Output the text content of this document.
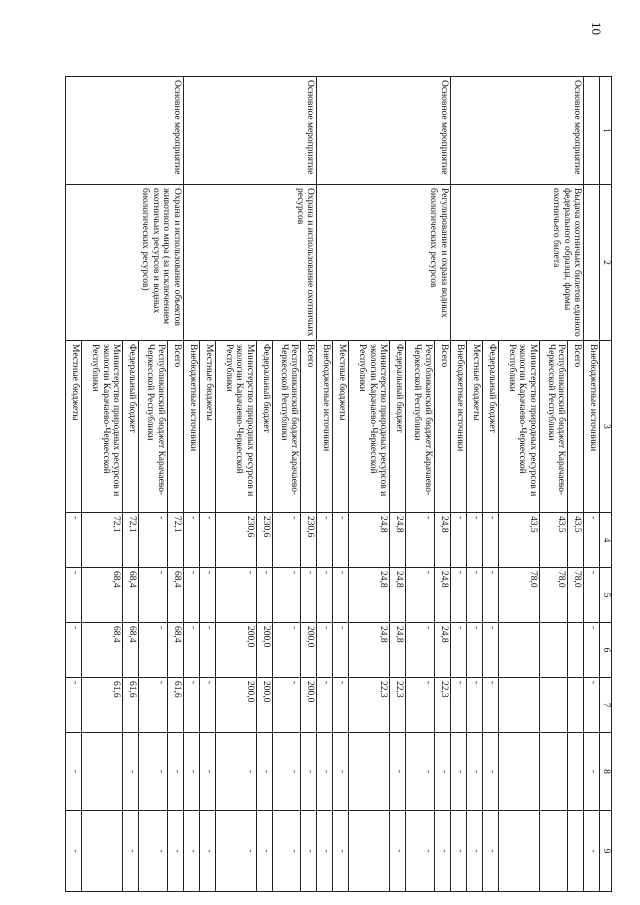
10
1	2	3	4	5	6	7	8	9
		Внебюджетные источники	-	-	-	-	-	-
Основное мероприятие	Выдача охотничьих билетов единого федерального образца, формы охотничьего билета	Всего	43,5	78,0				
		Республиканский бюджет Карачаево-Черкесской Республики	43,5	78,0				
		Министерство природных ресурсов и экологии Карачаево-Черкесской Республики	43,5	78,0				
		Федеральный бюджет	-	-	-	-	-	-
		Местные бюджеты	-	-	-	-	-	-
		Внебюджетные источники	-	-	-	-	-	-
Основное мероприятие	Регулирование и охрана водных биологических ресурсов	Всего	24,8	24,8	24,8	22,3	-	-
		Республиканский бюджет Карачаево-Черкесской Республики	-	-	-	-	-	-
		Федеральный бюджет	24,8	24,8	24,8	22,3	-	-
		Министерство природных ресурсов и экологии Карачаево-Черкесской Республики	24,8	24,8	24,8	22,3		
		Местные бюджеты	-	-	-	-	-	-
		Внебюджетные источники	-	-	-	-	-	-
Основное мероприятие	Охрана и использование охотничьих ресурсов	Всего	230,6	-	200,0	200,0	-	-
		Республиканский бюджет Карачаево-Черкесской Республики	-	-	-	-	-	-
		Федеральный бюджет	230,6	-	200,0	200,0	-	-
		Министерство природных ресурсов и экологии Карачаево-Черкесской Республики	230,6	-	200,0	200,0	-	-
		Местные бюджеты	-	-	-	-	-	-
		Внебюджетные источники	-	-	-	-	-	-
Основное мероприятие	Охрана и использование объектов животного мира (за исключением охотничьих ресурсов и водных биологических ресурсов)	Всего	72,1	68,4	68,4	61,6	-	-
		Республиканский бюджет Карачаево-Черкесской Республики	-	-	-	-	-	-
		Федеральный бюджет	72,1	68,4	68,4	61,6	-	-
		Министерство природных ресурсов и экологии Карачаево-Черкесской Республики	72,1	68,4	68,4	61,6		
		Местные бюджеты	-	-	-	-	-	-
